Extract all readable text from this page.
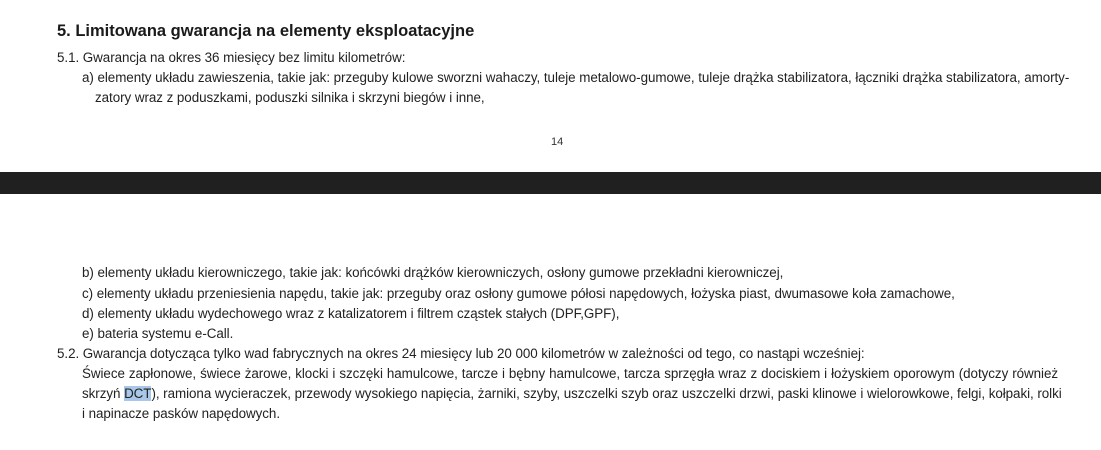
5. Limitowana gwarancja na elementy eksploatacyjne
5.1. Gwarancja na okres 36 miesięcy bez limitu kilometrów:
a) elementy układu zawieszenia, takie jak: przeguby kulowe sworzni wahaczy, tuleje metalowo-gumowe, tuleje drążka stabilizatora, łączniki drążka stabilizatora, amorty-
zatory wraz z poduszkami, poduszki silnika i skrzyni biegów i inne,
14
b) elementy układu kierowniczego, takie jak: końcówki drążków kierowniczych, osłony gumowe przekładni kierowniczej,
c) elementy układu przeniesienia napędu, takie jak: przeguby oraz osłony gumowe półosi napędowych, łożyska piast, dwumasowe koła zamachowe,
d) elementy układu wydechowego wraz z katalizatorem i filtrem cząstek stałych (DPF,GPF),
e) bateria systemu e-Call.
5.2. Gwarancja dotycząca tylko wad fabrycznych na okres 24 miesięcy lub 20 000 kilometrów w zależności od tego, co nastąpi wcześniej:
Świece zapłonowe, świece żarowe, klocki i szczęki hamulcowe, tarcze i bębny hamulcowe, tarcza sprzęgła wraz z dociskiem i łożyskiem oporowym (dotyczy również
skrzyń DCT), ramiona wycieraczek, przewody wysokiego napięcia, żarniki, szyby, uszczelki szyb oraz uszczelki drzwi, paski klinowe i wielorowkowe, felgi, kołpaki, rolki
i napinacze pasków napędowych.
